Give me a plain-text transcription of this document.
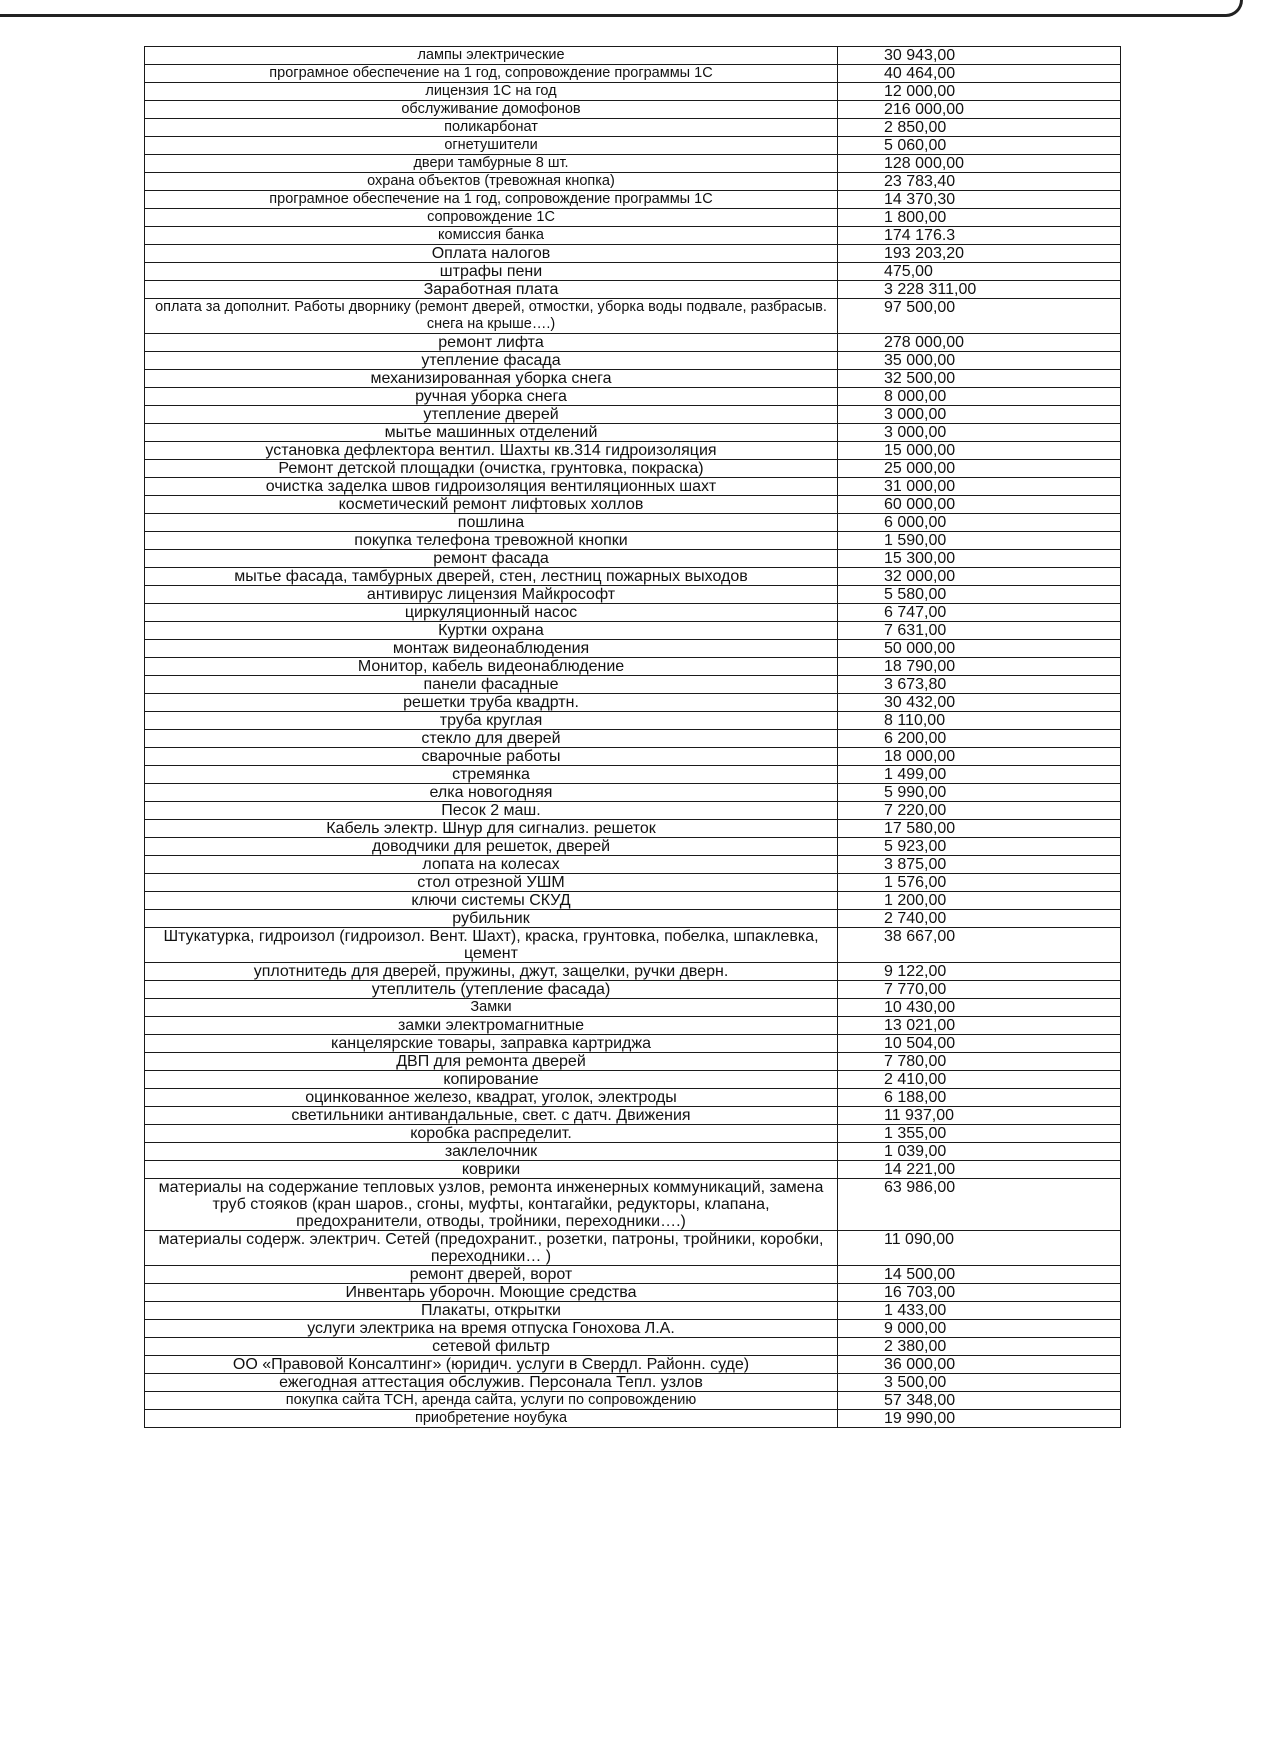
лампы электрические	30 943,00
програмное обеспечение на 1 год, сопровождение программы 1С	40 464,00
лицензия 1С на год	12 000,00
обслуживание домофонов	216 000,00
поликарбонат	2 850,00
огнетушители	5 060,00
двери тамбурные 8 шт.	128 000,00
охрана объектов (тревожная кнопка)	23 783,40
програмное обеспечение на 1 год, сопровождение программы 1С	14 370,30
сопровождение 1С	1 800,00
комиссия банка	174 176.3
Оплата налогов	193 203,20
штрафы пени	475,00
Заработная плата	3 228 311,00
оплата за дополнит. Работы дворнику (ремонт дверей, отмостки, уборка воды подвале, разбрасыв. снега на крыше….)	97 500,00
ремонт лифта	278 000,00
утепление фасада	35 000,00
механизированная уборка снега	32 500,00
ручная уборка снега	8 000,00
утепление дверей	3 000,00
мытье машинных отделений	3 000,00
установка дефлектора вентил. Шахты кв.314 гидроизоляция	15 000,00
Ремонт детской площадки (очистка, грунтовка, покраска)	25 000,00
очистка заделка швов гидроизоляция вентиляционных шахт	31 000,00
косметический ремонт лифтовых холлов	60 000,00
пошлина	6 000,00
покупка телефона тревожной кнопки	1 590,00
ремонт фасада	15 300,00
мытье фасада, тамбурных дверей, стен, лестниц пожарных выходов	32 000,00
антивирус лицензия Майкрософт	5 580,00
циркуляционный насос	6 747,00
Куртки охрана	7 631,00
монтаж видеонаблюдения	50 000,00
Монитор, кабель видеонаблюдение	18 790,00
панели фасадные	3 673,80
решетки труба квадртн.	30 432,00
труба круглая	8 110,00
стекло для дверей	6 200,00
сварочные работы	18 000,00
стремянка	1 499,00
елка новогодняя	5 990,00
Песок 2 маш.	7 220,00
Кабель электр. Шнур для сигнализ. решеток	17 580,00
доводчики для решеток, дверей	5 923,00
лопата на колесах	3 875,00
стол отрезной УШМ	1 576,00
ключи системы СКУД	1 200,00
рубильник	2 740,00
Штукатурка, гидроизол (гидроизол. Вент. Шахт), краска, грунтовка, побелка, шпаклевка, цемент	38 667,00
уплотнитедь для дверей, пружины, джут, защелки, ручки дверн.	9 122,00
утеплитель (утепление фасада)	7 770,00
Замки	10 430,00
замки электромагнитные	13 021,00
канцелярские товары, заправка картриджа	10 504,00
ДВП для ремонта дверей	7 780,00
копирование	2 410,00
оцинкованное железо, квадрат, уголок, электроды	6 188,00
светильники антивандальные, свет. с датч. Движения	11 937,00
коробка распределит.	1 355,00
заклелочник	1 039,00
коврики	14 221,00
материалы на содержание тепловых узлов, ремонта инженерных коммуникаций, замена труб стояков (кран шаров., сгоны, муфты, контагайки, редукторы, клапана, предохранители, отводы, тройники, переходники….)	63 986,00
материалы содерж. электрич. Сетей (предохранит., розетки, патроны, тройники, коробки, переходники… )	11 090,00
ремонт дверей, ворот	14 500,00
Инвентарь уборочн. Моющие средства	16 703,00
Плакаты, открытки	1 433,00
услуги электрика на время отпуска Гонохова Л.А.	9 000,00
сетевой фильтр	2 380,00
ОО «Правовой Консалтинг» (юридич. услуги в Свердл. Районн. суде)	36 000,00
ежегодная аттестация обслужив. Персонала Тепл. узлов	3 500,00
покупка сайта ТСН, аренда сайта, услуги по сопровождению	57 348,00
приобретение ноубука	19 990,00
